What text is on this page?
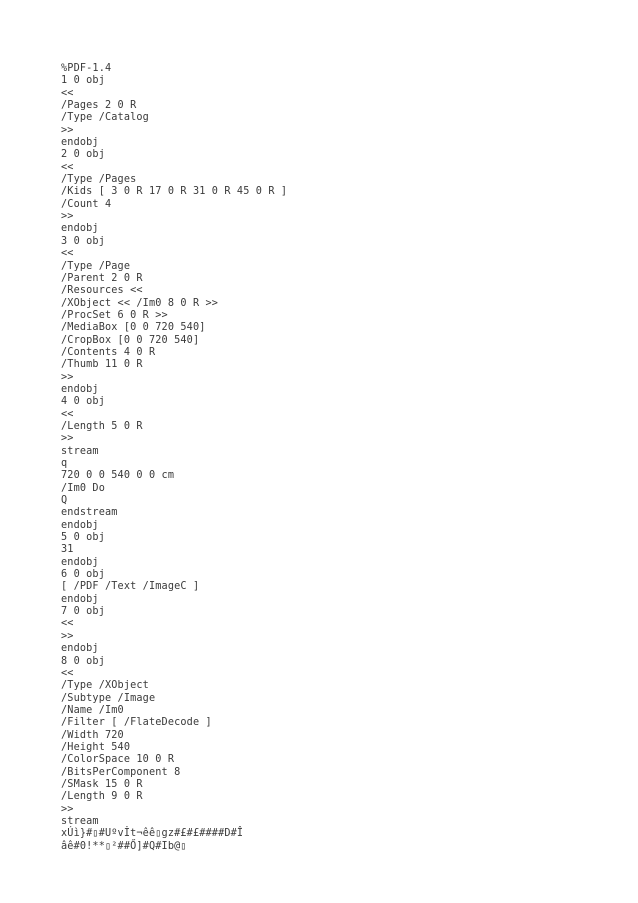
%PDF-1.4
1 0 obj
<<
/Pages 2 0 R
/Type /Catalog
>>
endobj
2 0 obj
<<
/Type /Pages
/Kids [ 3 0 R 17 0 R 31 0 R 45 0 R ]
/Count 4
>>
endobj
3 0 obj
<<
/Type /Page
/Parent 2 0 R
/Resources <<
/XObject << /Im0 8 0 R >>
/ProcSet 6 0 R >>
/MediaBox [0 0 720 540]
/CropBox [0 0 720 540]
/Contents 4 0 R
/Thumb 11 0 R
>>
endobj
4 0 obj
<<
/Length 5 0 R
>>
stream
q
720 0 0 540 0 0 cm
/Im0 Do
Q
endstream
endobj
5 0 obj
31
endobj
6 0 obj
[ /PDF /Text /ImageC ]
endobj
7 0 obj
<<
>>
endobj
8 0 obj
<<
/Type /XObject
/Subtype /Image
/Name /Im0
/Filter [ /FlateDecode ]
/Width 720
/Height 540
/ColorSpace 10 0 R
/BitsPerComponent 8
/SMask 15 0 R
/Length 9 0 R
>>
stream
xÚì}#▯#Uºvİt¬êê▯gz#£#£####D#Î
âê#0!**▯²##Ő]#Q#Ib@▯
